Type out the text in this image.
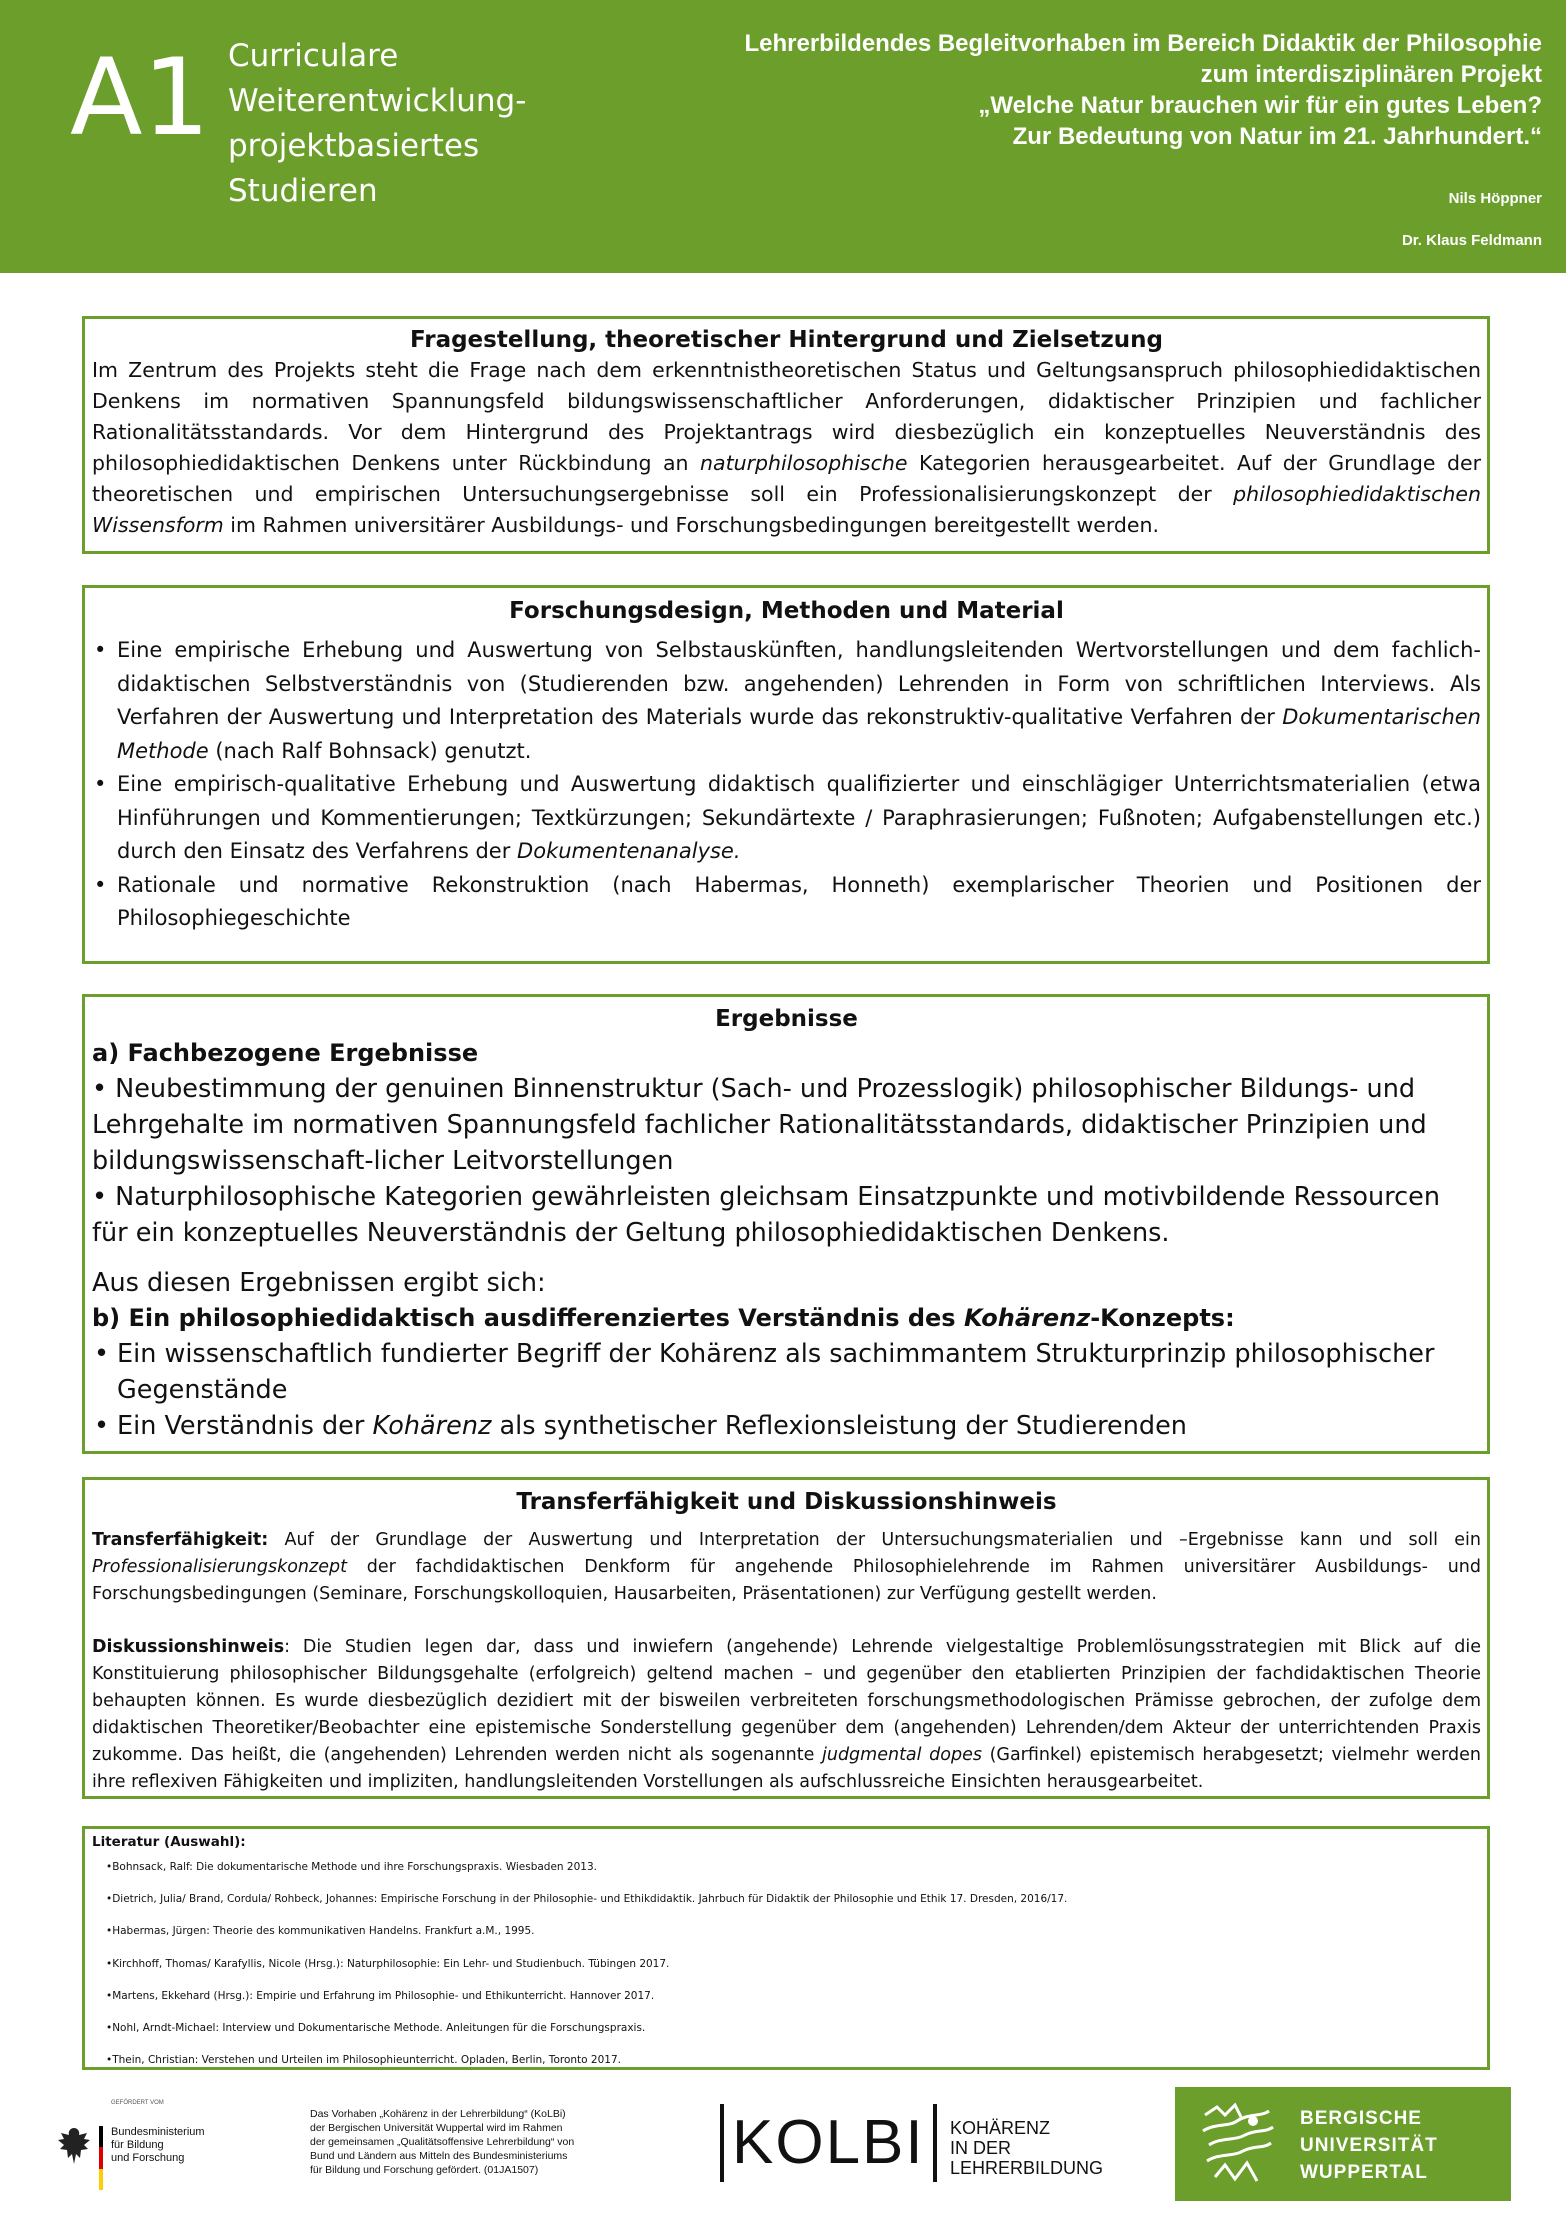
A1 Curriculare
Weiterentwicklung-
projektbasiertes
Studieren
Lehrerbildendes Begleitvorhaben im Bereich Didaktik der Philosophie
zum interdisziplinären Projekt
„Welche Natur brauchen wir für ein gutes Leben?
Zur Bedeutung von Natur im 21. Jahrhundert.“
Nils Höppner
Dr. Klaus Feldmann
Fragestellung, theoretischer Hintergrund und Zielsetzung

Im Zentrum des Projekts steht die Frage nach dem erkenntnistheoretischen Status und Geltungsanspruch philosophiedidaktischen Denkens im normativen Spannungsfeld bildungswissenschaftlicher Anforderungen, didaktischer Prinzipien und fachlicher Rationalitätsstandards. Vor dem Hintergrund des Projektantrags wird diesbezüglich ein konzeptuelles Neuverständnis des philosophiedidaktischen Denkens unter Rückbindung an naturphilosophische Kategorien herausgearbeitet. Auf der Grundlage der theoretischen und empirischen Untersuchungsergebnisse soll ein Professionalisierungskonzept der philosophiedidaktischen Wissensform im Rahmen universitärer Ausbildungs- und Forschungsbedingungen bereitgestellt werden.

Forschungsdesign, Methoden und Material
• Eine empirische Erhebung und Auswertung von Selbstauskünften, handlungsleitenden Wertvorstellungen und dem fachlich-didaktischen Selbstverständnis von (Studierenden bzw. angehenden) Lehrenden in Form von schriftlichen Interviews. Als Verfahren der Auswertung und Interpretation des Materials wurde das rekonstruktiv-qualitative Verfahren der Dokumentarischen Methode (nach Ralf Bohnsack) genutzt.
• Eine empirisch-qualitative Erhebung und Auswertung didaktisch qualifizierter und einschlägiger Unterrichtsmaterialien (etwa Hinführungen und Kommentierungen; Textkürzungen; Sekundärtexte / Paraphrasierungen; Fußnoten; Aufgabenstellungen etc.) durch den Einsatz des Verfahrens der Dokumentenanalyse.
• Rationale und normative Rekonstruktion (nach Habermas, Honneth) exemplarischer Theorien und Positionen der Philosophiegeschichte
Ergebnisse
a) Fachbezogene Ergebnisse

• Neubestimmung der genuinen Binnenstruktur (Sach- und Prozesslogik) philosophischer Bildungs- und Lehrgehalte im normativen Spannungsfeld fachlicher Rationalitätsstandards, didaktischer Prinzipien und bildungswissenschaft-licher Leitvorstellungen

• Naturphilosophische Kategorien gewährleisten gleichsam Einsatzpunkte und motivbildende Ressourcen für ein konzeptuelles Neuverständnis der Geltung philosophiedidaktischen Denkens.

Aus diesen Ergebnissen ergibt sich:

b) Ein philosophiedidaktisch ausdifferenziertes Verständnis des Kohärenz-Konzepts:
• Ein wissenschaftlich fundierter Begriff der Kohärenz als sachimmantem Strukturprinzip philosophischer Gegenstände
• Ein Verständnis der Kohärenz als synthetischer Reflexionsleistung der Studierenden
Transferfähigkeit und Diskussionshinweis

Transferfähigkeit: Auf der Grundlage der Auswertung und Interpretation der Untersuchungsmaterialien und –Ergebnisse kann und soll ein Professionalisierungskonzept der fachdidaktischen Denkform für angehende Philosophielehrende im Rahmen universitärer Ausbildungs- und Forschungsbedingungen (Seminare, Forschungskolloquien, Hausarbeiten, Präsentationen) zur Verfügung gestellt werden.

Diskussionshinweis: Die Studien legen dar, dass und inwiefern (angehende) Lehrende vielgestaltige Problemlösungsstrategien mit Blick auf die Konstituierung philosophischer Bildungsgehalte (erfolgreich) geltend machen – und gegenüber den etablierten Prinzipien der fachdidaktischen Theorie behaupten können. Es wurde diesbezüglich dezidiert mit der bisweilen verbreiteten forschungsmethodologischen Prämisse gebrochen, der zufolge dem didaktischen Theoretiker/Beobachter eine epistemische Sonderstellung gegenüber dem (angehenden) Lehrenden/dem Akteur der unterrichtenden Praxis zukomme. Das heißt, die (angehenden) Lehrenden werden nicht als sogenannte judgmental dopes (Garfinkel) epistemisch herabgesetzt; vielmehr werden ihre reflexiven Fähigkeiten und impliziten, handlungsleitenden Vorstellungen als aufschlussreiche Einsichten herausgearbeitet.

Literatur (Auswahl):
•Bohnsack, Ralf: Die dokumentarische Methode und ihre Forschungspraxis. Wiesbaden 2013.
•Dietrich, Julia/ Brand, Cordula/ Rohbeck, Johannes: Empirische Forschung in der Philosophie- und Ethikdidaktik. Jahrbuch für Didaktik der Philosophie und Ethik 17. Dresden, 2016/17.
•Habermas, Jürgen: Theorie des kommunikativen Handelns. Frankfurt a.M., 1995.
•Kirchhoff, Thomas/ Karafyllis, Nicole (Hrsg.): Naturphilosophie: Ein Lehr- und Studienbuch. Tübingen 2017.
•Martens, Ekkehard (Hrsg.): Empirie und Erfahrung im Philosophie- und Ethikunterricht. Hannover 2017.
•Nohl, Arndt-Michael: Interview und Dokumentarische Methode. Anleitungen für die Forschungspraxis.
•Thein, Christian: Verstehen und Urteilen im Philosophieunterricht. Opladen, Berlin, Toronto 2017.
GEFÖRDERT VOM
Bundesministerium
für Bildung
und Forschung
Das Vorhaben „Kohärenz in der Lehrerbildung“ (KoLBi)
der Bergischen Universität Wuppertal wird im Rahmen
der gemeinsamen „Qualitätsoffensive Lehrerbildung“ von
Bund und Ländern aus Mitteln des Bundesministeriums
für Bildung und Forschung gefördert. (01JA1507)	KOLBI	KOHÄRENZ
IN DER
LEHRERBILDUNG
BERGISCHE
UNIVERSITÄT
WUPPERTAL
